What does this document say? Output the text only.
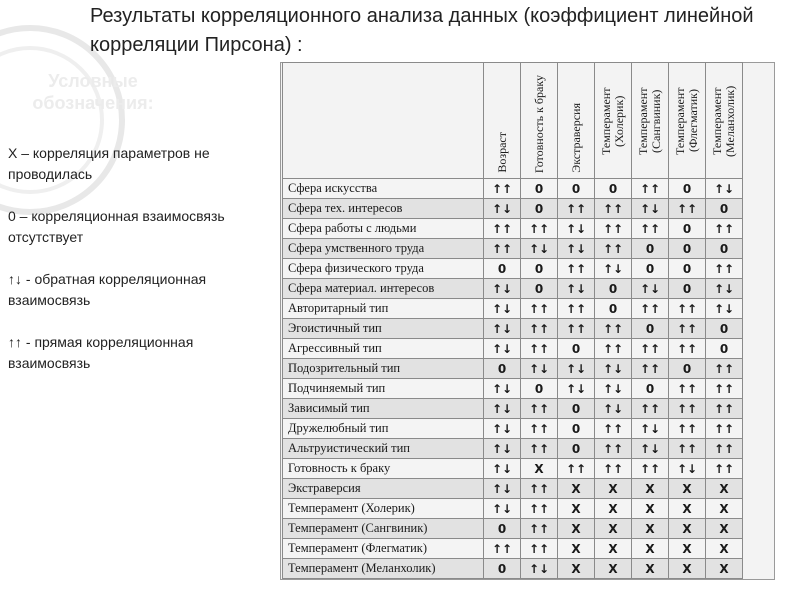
Условные обозначения:
Результаты корреляционного анализа данных (коэффициент линейной корреляции Пирсона) :
Х – корреляция параметров не проводилась
0 – корреляционная взаимосвязь отсутствует
↑↓ - обратная корреляционная взаимосвязь
↑↑ - прямая корреляционная взаимосвязь
	Возраст	Готовность к браку	Экстраверсия	Темперамент (Холерик)	Темперамент (Сангвиник)	Темперамент (Флегматик)	Темперамент (Меланхолик)
Сфера искусства	↑↑	0	0	0	↑↑	0	↑↓
Сфера тех. интересов	↑↓	0	↑↑	↑↑	↑↓	↑↑	0
Сфера работы с людьми	↑↑	↑↑	↑↓	↑↑	↑↑	0	↑↑
Сфера умственного труда	↑↑	↑↓	↑↓	↑↑	0	0	0
Сфера физического труда	0	0	↑↑	↑↓	0	0	↑↑
Сфера материал. интересов	↑↓	0	↑↓	0	↑↓	0	↑↓
Авторитарный тип	↑↓	↑↑	↑↑	0	↑↑	↑↑	↑↓
Эгоистичный тип	↑↓	↑↑	↑↑	↑↑	0	↑↑	0
Агрессивный тип	↑↓	↑↑	0	↑↑	↑↑	↑↑	0
Подозрительный тип	0	↑↓	↑↓	↑↓	↑↑	0	↑↑
Подчиняемый тип	↑↓	0	↑↓	↑↓	0	↑↑	↑↑
Зависимый тип	↑↓	↑↑	0	↑↓	↑↑	↑↑	↑↑
Дружелюбный тип	↑↓	↑↑	0	↑↑	↑↓	↑↑	↑↑
Альтруистический тип	↑↓	↑↑	0	↑↑	↑↓	↑↑	↑↑
Готовность к браку	↑↓	Х	↑↑	↑↑	↑↑	↑↓	↑↑
Экстраверсия	↑↓	↑↑	Х	Х	Х	Х	Х
Темперамент (Холерик)	↑↓	↑↑	Х	Х	Х	Х	Х
Темперамент (Сангвиник)	0	↑↑	Х	Х	Х	Х	Х
Темперамент (Флегматик)	↑↑	↑↑	Х	Х	Х	Х	Х
Темперамент (Меланхолик)	0	↑↓	Х	Х	Х	Х	Х
